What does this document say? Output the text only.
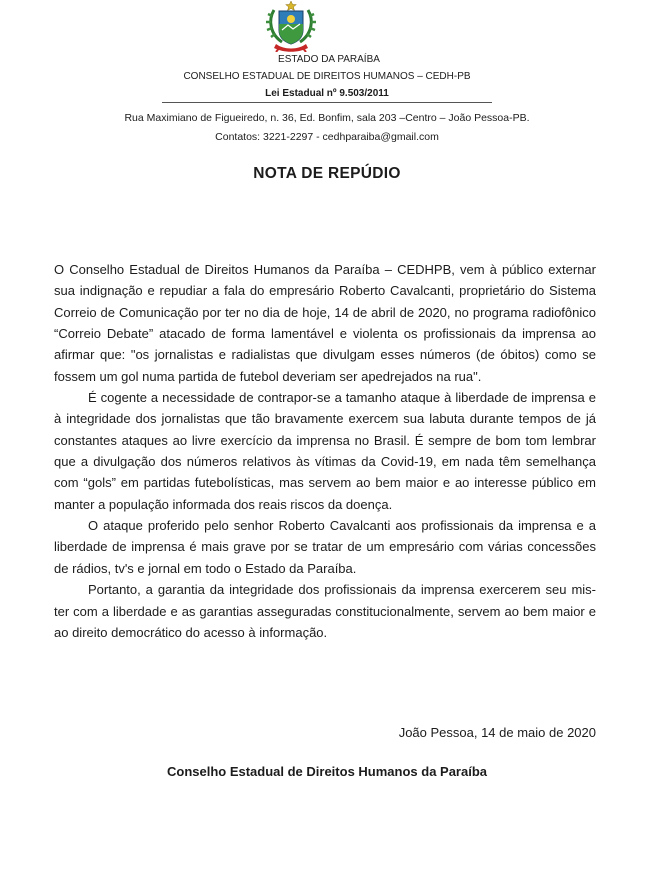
ESTADO DA PARAÍBA
CONSELHO ESTADUAL DE DIREITOS HUMANOS – CEDH-PB
Lei Estadual nº 9.503/2011
Rua Maximiano de Figueiredo, n. 36, Ed. Bonfim, sala 203 –Centro – João Pessoa-PB.
Contatos: 3221-2297 - cedhparaiba@gmail.com
NOTA DE REPÚDIO

O Conselho Estadual de Direitos Humanos da Paraíba – CEDHPB, vem à público externar sua indignação e repudiar a fala do empresário Roberto Cavalcanti, proprietário do Sistema Correio de Comunicação por ter no dia de hoje, 14 de abril de 2020, no programa radiofônico “Correio Debate” atacado de forma lamentável e violenta os profissionais da imprensa ao afirmar que: "os jornalistas e radialistas que divulgam esses números (de óbitos) como se fossem um gol numa partida de futebol deveriam ser apedrejados na rua".

É cogente a necessidade de contrapor-se a tamanho ataque à liberdade de imprensa e à integridade dos jornalistas que tão bravamente exercem sua labuta durante tempos de já constantes ataques ao livre exercício da imprensa no Brasil. É sempre de bom tom lembrar que a divulgação dos números relativos às vítimas da Covid-19, em nada têm semelhança com “gols” em partidas futebolísticas, mas servem ao bem maior e ao interesse público em manter a população informada dos reais riscos da doença.

O ataque proferido pelo senhor Roberto Cavalcanti aos profissionais da imprensa e a liberdade de imprensa é mais grave por se tratar de um empresário com várias concessões de rádios, tv's e jornal em todo o Estado da Paraíba.

Portanto, a garantia da integridade dos profissionais da imprensa exercerem seu mis-ter com a liberdade e as garantias asseguradas constitucionalmente, servem ao bem maior e ao direito democrático do acesso à informação.

João Pessoa, 14 de maio de 2020
Conselho Estadual de Direitos Humanos da Paraíba
